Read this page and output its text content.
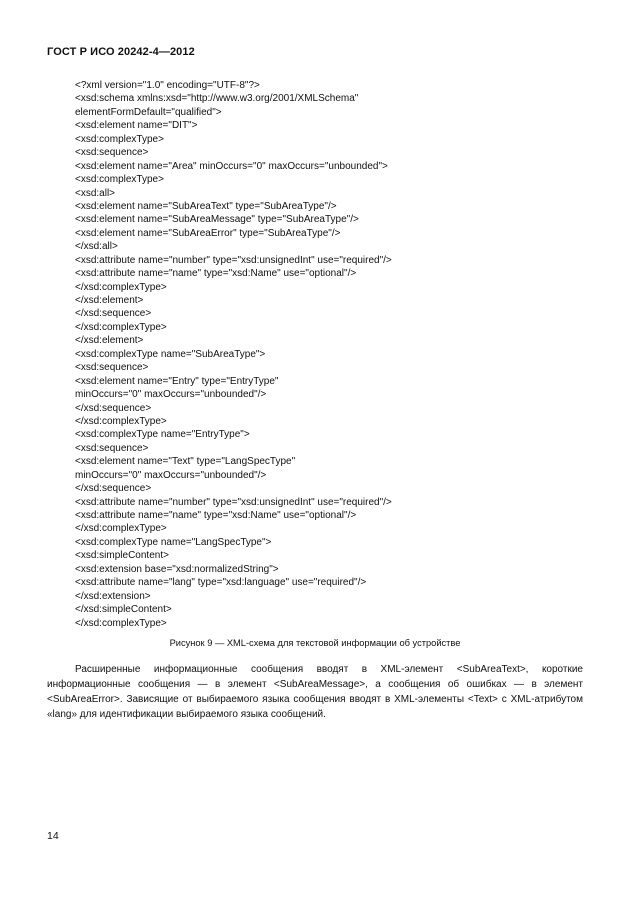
ГОСТ Р ИСО 20242-4—2012
<?xml version="1.0" encoding="UTF-8"?>
<xsd:schema xmlns:xsd="http://www.w3.org/2001/XMLSchema"
elementFormDefault="qualified">
<xsd:element name="DIT">
<xsd:complexType>
<xsd:sequence>
<xsd:element name="Area" minOccurs="0" maxOccurs="unbounded">
<xsd:complexType>
<xsd:all>
<xsd:element name="SubAreaText" type="SubAreaType"/>
<xsd:element name="SubAreaMessage" type="SubAreaType"/>
<xsd:element name="SubAreaError" type="SubAreaType"/>
</xsd:all>
<xsd:attribute name="number" type="xsd:unsignedInt" use="required"/>
<xsd:attribute name="name" type="xsd:Name" use="optional"/>
</xsd:complexType>
</xsd:element>
</xsd:sequence>
</xsd:complexType>
</xsd:element>
<xsd:complexType name="SubAreaType">
<xsd:sequence>
<xsd:element name="Entry" type="EntryType"
minOccurs="0" maxOccurs="unbounded"/>
</xsd:sequence>
</xsd:complexType>
<xsd:complexType name="EntryType">
<xsd:sequence>
<xsd:element name="Text" type="LangSpecType"
minOccurs="0" maxOccurs="unbounded"/>
</xsd:sequence>
<xsd:attribute name="number" type="xsd:unsignedInt" use="required"/>
<xsd:attribute name="name" type="xsd:Name" use="optional"/>
</xsd:complexType>
<xsd:complexType name="LangSpecType">
<xsd:simpleContent>
<xsd:extension base="xsd:normalizedString">
<xsd:attribute name="lang" type="xsd:language" use="required"/>
</xsd:extension>
</xsd:simpleContent>
</xsd:complexType>
Рисунок 9 — XML-схема для текстовой информации об устройстве

Расширенные информационные сообщения вводят в XML-элемент <SubAreaText>, короткие информационные сообщения — в элемент <SubAreaMessage>, а сообщения об ошибках — в элемент <SubAreaError>. Зависящие от выбираемого языка сообщения вводят в XML-элементы <Text> с XML-атрибутом «lang» для идентификации выбираемого языка сообщений.

14
